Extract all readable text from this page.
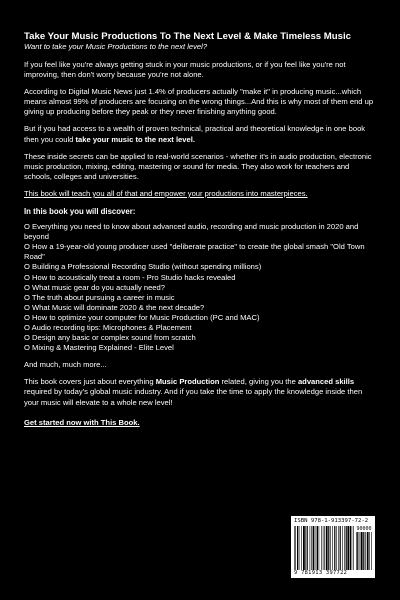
Take Your Music Productions To The Next Level & Make Timeless Music
Want to take your Music Productions to the next level?

If you feel like you're always getting stuck in your music productions, or if you feel like you're not improving, then don't worry because you're not alone.

According to Digital Music News just 1.4% of producers actually "make it" in producing music...which means almost 99% of producers are focusing on the wrong things...And this is why most of them end up giving up producing before they peak or they never finishing anything good.

But if you had access to a wealth of proven technical, practical and theoretical knowledge in one book then you could take your music to the next level.

These inside secrets can be applied to real-world scenarios - whether it's in audio production, electronic music production, mixing, editing, mastering or sound for media. They also work for teachers and schools, colleges and universities.

This book will teach you all of that and empower your productions into masterpieces.

In this book you will discover:
O Everything you need to know about advanced audio, recording and music production in 2020 and beyond
O How a 19-year-old young producer used "deliberate practice" to create the global smash "Old Town Road"
O Building a Professional Recording Studio (without spending millions)
O How to acoustically treat a room - Pro Studio hacks revealed
O What music gear do you actually need?
O The truth about pursuing a career in music
O What Music will dominate 2020 & the next decade?
O How to optimize your computer for Music Production (PC and MAC)
O Audio recording tips: Microphones & Placement
O Design any basic or complex sound from scratch
O Mixing & Mastering Explained - Elite Level

And much, much more...

This book covers just about everything Music Production related, giving you the advanced skills required by today's global music industry. And if you take the time to apply the knowledge inside then your music will elevate to a whole new level!

Get started now with This Book.
ISBN 978-1-913397-72-2
90000
9 781913 397722
